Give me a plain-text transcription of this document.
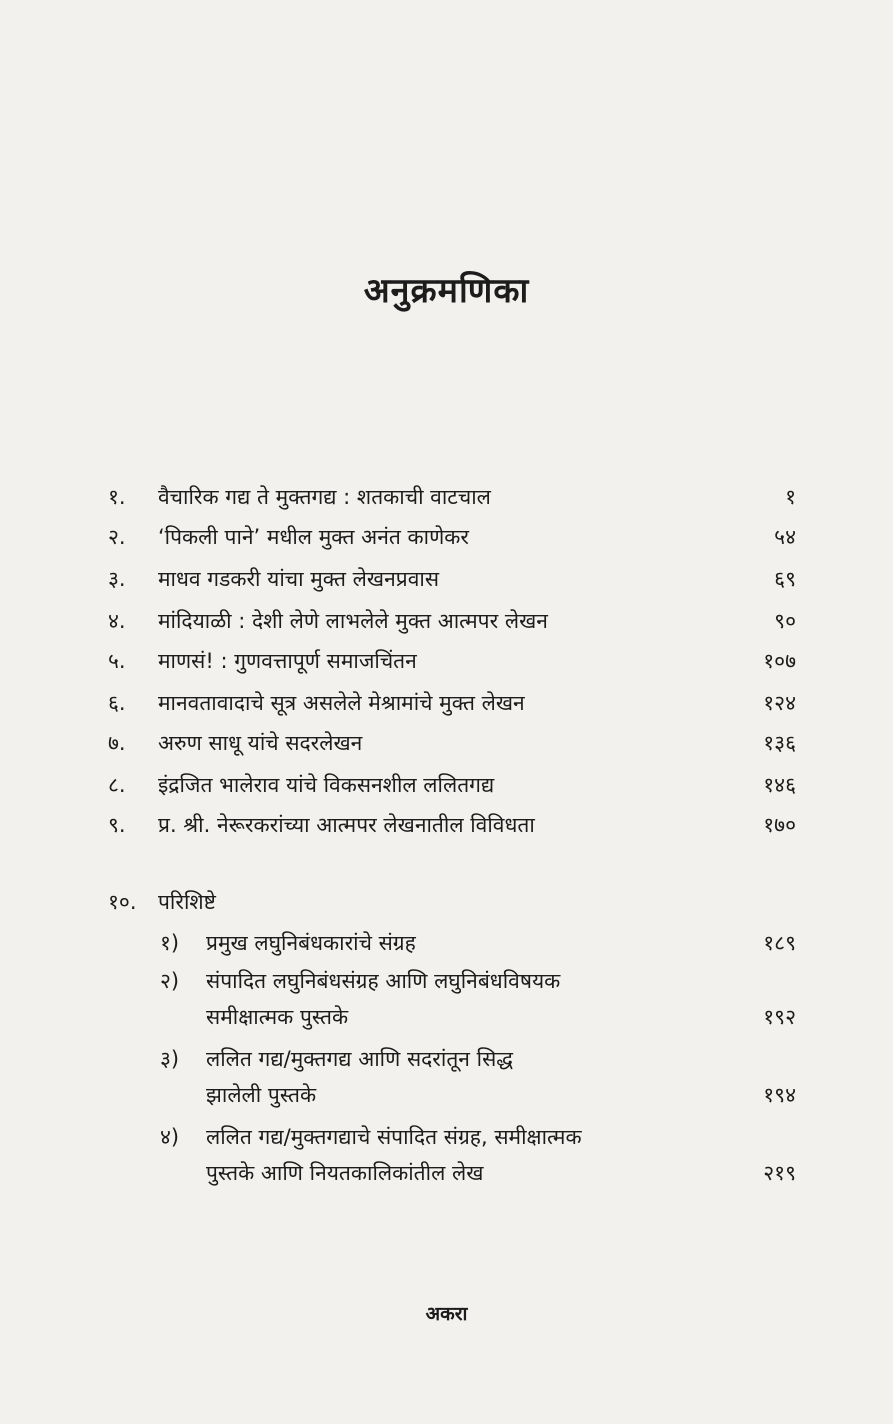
अनुक्रमणिका
१. वैचारिक गद्य ते मुक्तगद्य : शतकाची वाटचाल	१
२. ‘पिकली पाने’ मधील मुक्त अनंत काणेकर	५४
३. माधव गडकरी यांचा मुक्त लेखनप्रवास	६९
४. मांदियाळी : देशी लेणे लाभलेले मुक्त आत्मपर लेखन	९०
५. माणसं! : गुणवत्तापूर्ण समाजचिंतन	१०७
६. मानवतावादाचे सूत्र असलेले मेश्रामांचे मुक्त लेखन	१२४
७. अरुण साधू यांचे सदरलेखन	१३६
८. इंद्रजित भालेराव यांचे विकसनशील ललितगद्य	१४६
९. प्र. श्री. नेरूरकरांच्या आत्मपर लेखनातील विविधता	१७०
१०. परिशिष्टे
१) प्रमुख लघुनिबंधकारांचे संग्रह	१८९
२) संपादित लघुनिबंधसंग्रह आणि लघुनिबंधविषयक
समीक्षात्मक पुस्तके	१९२
३) ललित गद्य/मुक्तगद्य आणि सदरांतून सिद्ध
झालेली पुस्तके	१९४
४) ललित गद्य/मुक्तगद्याचे संपादित संग्रह, समीक्षात्मक
पुस्तके आणि नियतकालिकांतील लेख	२१९
अकरा
